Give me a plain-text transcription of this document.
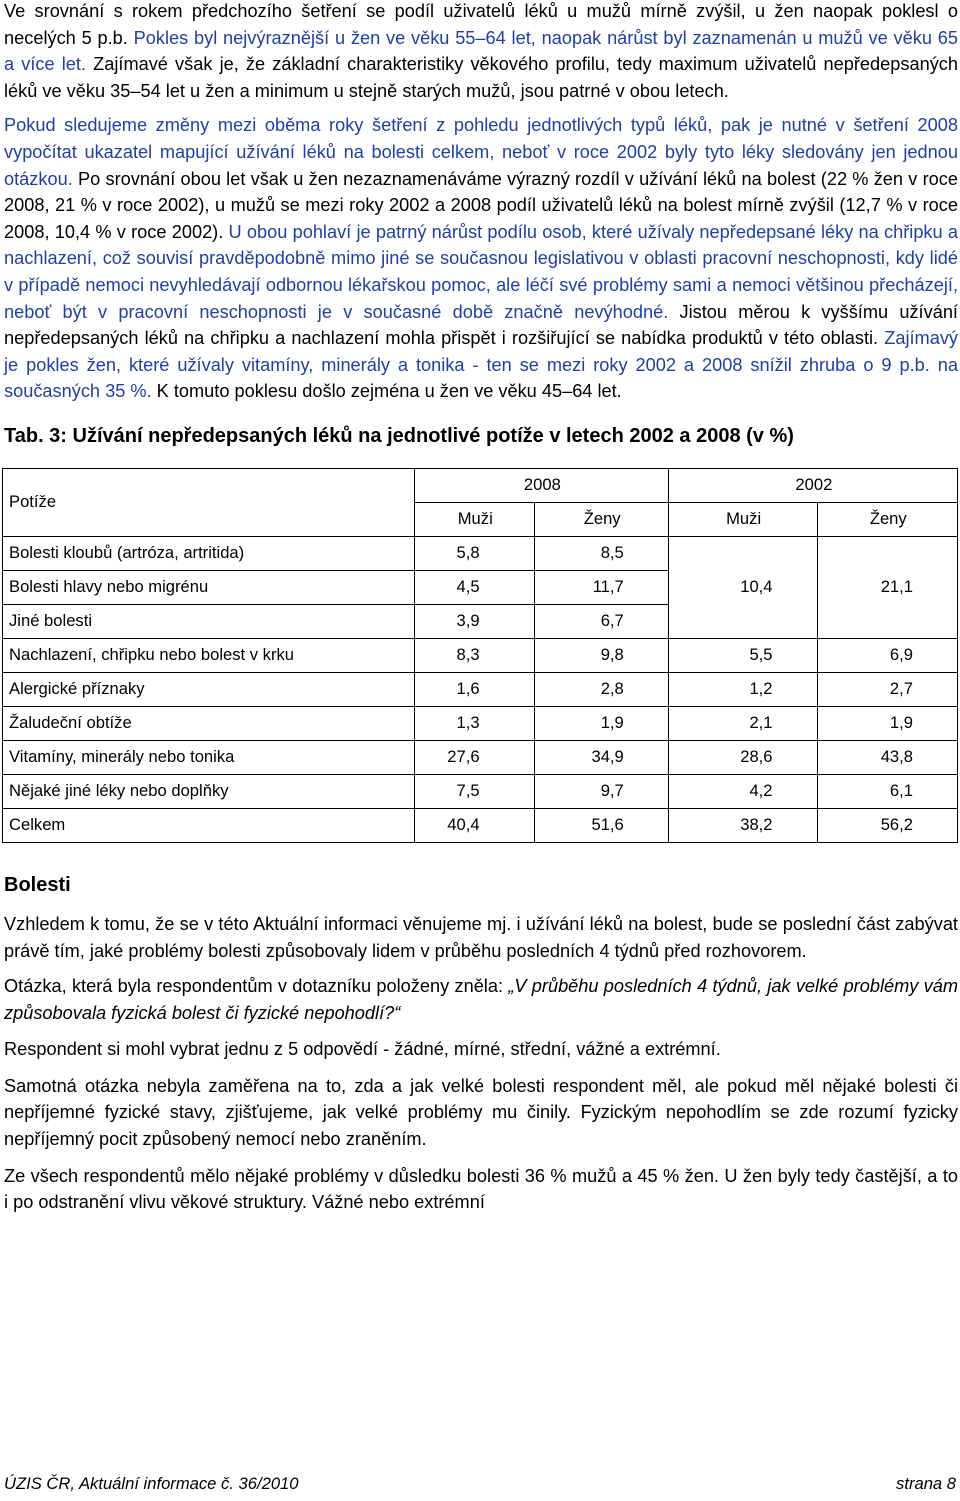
Ve srovnání s rokem předchozího šetření se podíl uživatelů léků u mužů mírně zvýšil, u žen naopak poklesl o necelých 5 p.b. Pokles byl nejvýraznější u žen ve věku 55–64 let, naopak nárůst byl zaznamenán u mužů ve věku 65 a více let. Zajímavé však je, že základní charakteristiky věkového profilu, tedy maximum uživatelů nepředepsaných léků ve věku 35–54 let u žen a minimum u stejně starých mužů, jsou patrné v obou letech.

Pokud sledujeme změny mezi oběma roky šetření z pohledu jednotlivých typů léků, pak je nutné v šetření 2008 vypočítat ukazatel mapující užívání léků na bolesti celkem, neboť v roce 2002 byly tyto léky sledovány jen jednou otázkou. Po srovnání obou let však u žen nezaznamenáváme výrazný rozdíl v užívání léků na bolest (22 % žen v roce 2008, 21 % v roce 2002), u mužů se mezi roky 2002 a 2008 podíl uživatelů léků na bolest mírně zvýšil (12,7 % v roce 2008, 10,4 % v roce 2002). U obou pohlaví je patrný nárůst podílu osob, které užívaly nepředepsané léky na chřipku a nachlazení, což souvisí pravděpodobně mimo jiné se současnou legislativou v oblasti pracovní neschopnosti, kdy lidé v případě nemoci nevyhledávají odbornou lékařskou pomoc, ale léčí své problémy sami a nemoci většinou přecházejí, neboť být v pracovní neschopnosti je v současné době značně nevýhodné. Jistou měrou k vyššímu užívání nepředepsaných léků na chřipku a nachlazení mohla přispět i rozšiřující se nabídka produktů v této oblasti. Zajímavý je pokles žen, které užívaly vitamíny, minerály a tonika - ten se mezi roky 2002 a 2008 snížil zhruba o 9 p.b. na současných 35 %. K tomuto poklesu došlo zejména u žen ve věku 45–64 let.

Tab. 3: Užívání nepředepsaných léků na jednotlivé potíže v letech 2002 a 2008 (v %)
Potíže	2008		2002	
	Muži	Ženy	Muži	Ženy
Bolesti kloubů (artróza, artritida)	5,8	8,5	10,4	21,1
Bolesti hlavy nebo migrénu	4,5	11,7		
Jiné bolesti	3,9	6,7		
Nachlazení, chřipku nebo bolest v krku	8,3	9,8	5,5	6,9
Alergické příznaky	1,6	2,8	1,2	2,7
Žaludeční obtíže	1,3	1,9	2,1	1,9
Vitamíny, minerály nebo tonika	27,6	34,9	28,6	43,8
Nějaké jiné léky nebo doplňky	7,5	9,7	4,2	6,1
Celkem	40,4	51,6	38,2	56,2
Bolesti

Vzhledem k tomu, že se v této Aktuální informaci věnujeme mj. i užívání léků na bolest, bude se poslední část zabývat právě tím, jaké problémy bolesti způsobovaly lidem v průběhu posledních 4 týdnů před rozhovorem.

Otázka, která byla respondentům v dotazníku položeny zněla: „V průběhu posledních 4 týdnů, jak velké problémy vám způsobovala fyzická bolest či fyzické nepohodlí?“

Respondent si mohl vybrat jednu z 5 odpovědí - žádné, mírné, střední, vážné a extrémní.

Samotná otázka nebyla zaměřena na to, zda a jak velké bolesti respondent měl, ale pokud měl nějaké bolesti či nepříjemné fyzické stavy, zjišťujeme, jak velké problémy mu činily. Fyzickým nepohodlím se zde rozumí fyzicky nepříjemný pocit způsobený nemocí nebo zraněním.

Ze všech respondentů mělo nějaké problémy v důsledku bolesti 36 % mužů a 45 % žen. U žen byly tedy častější, a to i po odstranění vlivu věkové struktury. Vážné nebo extrémní

ÚZIS ČR, Aktuální informace č. 36/2010	strana 8
